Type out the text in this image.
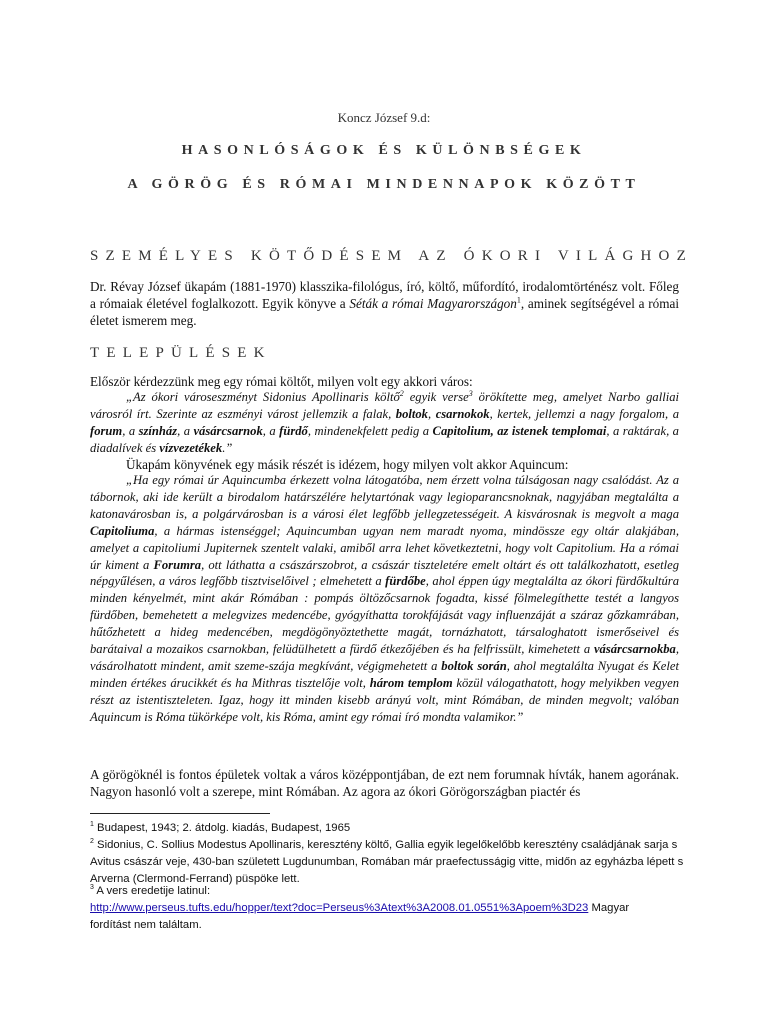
Koncz József 9.d:
HASONLÓSÁGOK ÉS KÜLÖNBSÉGEK
A GÖRÖG ÉS RÓMAI MINDENNAPOK KÖZÖTT
SZEMÉLYES KÖTŐDÉSEM AZ ÓKORI VILÁGHOZ
Dr. Révay József ükapám (1881-1970) klasszika-filológus, író, költő, műfordító, irodalomtörténész volt. Főleg a rómaiak életével foglalkozott. Egyik könyve a Séták a római Magyarországon$^1$, aminek segítségével a római életet ismerem meg.
TELEPÜLÉSEK
Először kérdezzünk meg egy római költőt, milyen volt egy akkori város:
„Az ókori városeszményt Sidonius Apollinaris költő$^2$ egyik verse$^3$ örökítette meg, amelyet Narbo galliai városról írt. Szerinte az eszményi várost jellemzik a falak, boltok, csarnokok, kertek, jellemzi a nagy forgalom, a forum, a színház, a vásárcsarnok, a fürdő, mindenekfelett pedig a Capitolium, az istenek templomai, a raktárak, a diadalívek és vízvezetékek.”
Ükapám könyvének egy másik részét is idézem, hogy milyen volt akkor Aquincum:
„Ha egy római úr Aquincumba érkezett volna látogatóba, nem érzett volna túlságosan nagy csalódást. Az a tábornok, aki ide került a birodalom határszélére helytartónak vagy legioparancsnoknak, nagyjában megtalálta a katonavárosban is, a polgárvárosban is a városi élet legfőbb jellegzetességeit. A kisvárosnak is megvolt a maga Capitoliuma, a hármas istenséggel; Aquincumban ugyan nem maradt nyoma, mindössze egy oltár alakjában, amelyet a capitoliumi Jupiternek szentelt valaki, amiből arra lehet következtetni, hogy volt Capitolium. Ha a római úr kiment a Forumra, ott láthatta a császárszobrot, a császár tiszteletére emelt oltárt és ott találkozhatott, esetleg népgyűlésen, a város legfőbb tisztviselőivel ; elmehetett a fürdőbe, ahol éppen úgy megtalálta az ókori fürdőkultúra minden kényelmét, mint akár Rómában : pompás öltözőcsarnok fogadta, kissé fölmelegíthette testét a langyos fürdőben, bemehetett a melegvizes medencébe, gyógyíthatta torokfájását vagy influenzáját a száraz gőzkamrában, hűtőzhetett a hideg medencében, megdögönyöztethette magát, tornázhatott, társaloghatott ismerőseivel és barátaival a mozaikos csarnokban, felüdülhetett a fürdő étkezőjében és ha felfrissült, kimehetett a vásárcsarnokba, vásárolhatott mindent, amit szeme-szája megkívánt, végigmehetett a boltok során, ahol megtalálta Nyugat és Kelet minden értékes árucikkét és ha Mithras tisztelője volt, három templom közül válogathatott, hogy melyikben vegyen részt az istentiszteleten. Igaz, hogy itt minden kisebb arányú volt, mint Rómában, de minden megvolt; valóban Aquincum is Róma tükörképe volt, kis Róma, amint egy római író mondta valamikor.”
A görögöknél is fontos épületek voltak a város középpontjában, de ezt nem forumnak hívták, hanem agorának. Nagyon hasonló volt a szerepe, mint Rómában. Az agora az ókori Görögországban piactér és
$^1$ Budapest, 1943; 2. átdolg. kiadás, Budapest, 1965
$^2$ Sidonius, C. Sollius Modestus Apollinaris, keresztény költő, Gallia egyik legelőkelőbb keresztény családjának sarja s Avitus császár veje, 430-ban született Lugdunumban, Romában már praefectusságig vitte, midőn az egyházba lépett s Arverna (Clermond-Ferrand) püspöke lett.
$^3$ A vers eredetije latinul:
http://www.perseus.tufts.edu/hopper/text?doc=Perseus%3Atext%3A2008.01.0551%3Apoem%3D23 Magyar
fordítást nem találtam.
